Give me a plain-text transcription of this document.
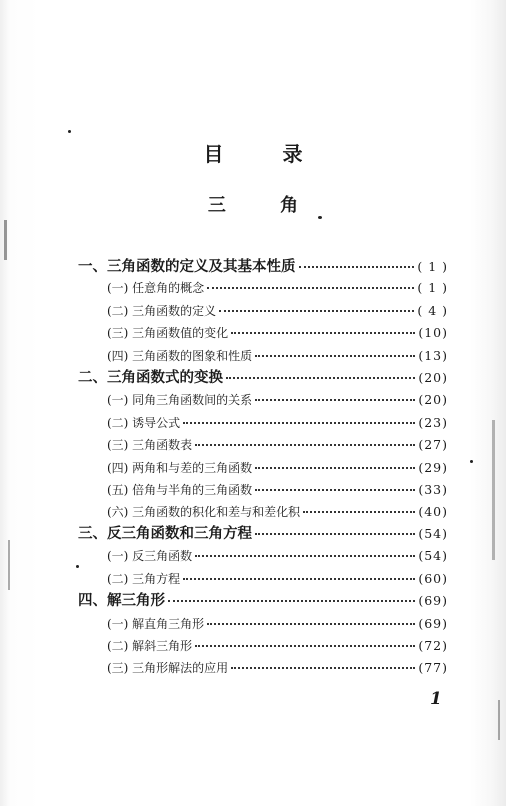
目 录
三 角
一、三角函数的定义及其基本性质	( 1 )
(一) 任意角的概念	( 1 )
(二) 三角函数的定义	( 4 )
(三) 三角函数值的变化	(10)
(四) 三角函数的图象和性质	(13)
二、三角函数式的变换	(20)
(一) 同角三角函数间的关系	(20)
(二) 诱导公式	(23)
(三) 三角函数表	(27)
(四) 两角和与差的三角函数	(29)
(五) 倍角与半角的三角函数	(33)
(六) 三角函数的积化和差与和差化积	(40)
三、反三角函数和三角方程	(54)
(一) 反三角函数	(54)
(二) 三角方程	(60)
四、解三角形	(69)
(一) 解直角三角形	(69)
(二) 解斜三角形	(72)
(三) 三角形解法的应用	(77)
1
